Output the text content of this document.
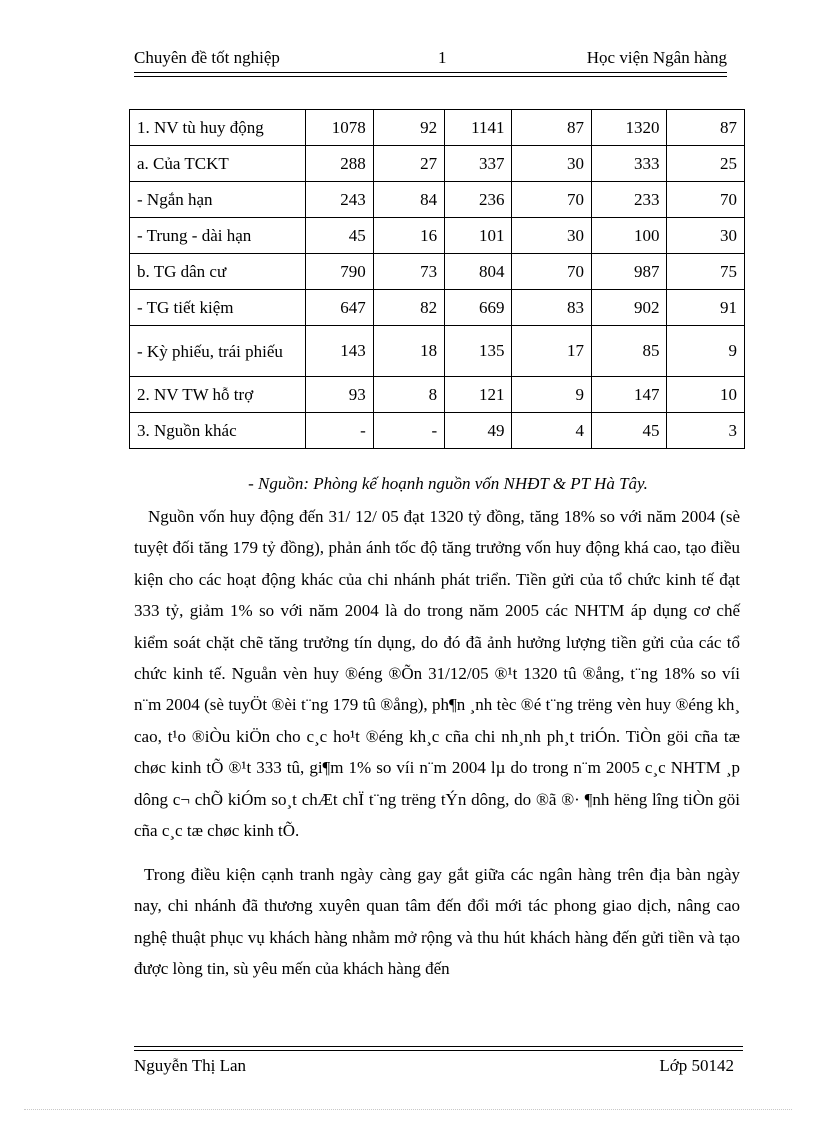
Chuyên đề tốt nghiệp	1	Học viện Ngân hàng
1. NV tù huy động	1078	92	1141	87	1320	87

a. Của TCKT	288	27	337	30	333	25

- Ngắn hạn	243	84	236	70	233	70

- Trung - dài hạn	45	16	101	30	100	30

b. TG dân cư	790	73	804	70	987	75

- TG tiết kiệm	647	82	669	83	902	91

- Kỳ phiếu, trái phiếu	143	18	135	17	85	9

2. NV TW hỗ trợ	93	8	121	9	147	10

3. Nguồn khác	-	-	49	4	45	3
- Nguồn: Phòng kế hoạnh nguồn vốn NHĐT & PT Hà Tây.

Nguồn vốn huy động đến 31/ 12/ 05 đạt 1320 tỷ đồng, tăng 18% so với năm 2004 (sè tuyệt đối tăng 179 tỷ đồng), phản ánh tốc độ tăng trưởng vốn huy động khá cao, tạo điều kiện cho các hoạt động khác của chi nhánh phát triển. Tiền gửi của tổ chức kinh tế đạt 333 tỷ, giảm 1% so với năm 2004 là do trong năm 2005 các NHTM áp dụng cơ chế kiểm soát chặt chẽ tăng trưởng tín dụng, do đó đã ảnh hưởng lượng tiền gửi của các tổ chức kinh tế. Nguån vèn huy ®éng ®Õn 31/12/05 ®¹t 1320 tû ®ång, t¨ng 18% so víi n¨m 2004 (sè tuyÖt ®èi t¨ng 179 tû ®ång), ph¶n ¸nh tèc ®é t¨ng trëng vèn huy ®éng kh¸ cao, t¹o ®iÒu kiÖn cho c¸c ho¹t ®éng kh¸c cña chi nh¸nh ph¸t triÓn. TiÒn göi cña tæ chøc kinh tÕ ®¹t 333 tû, gi¶m 1% so víi n¨m 2004 lµ do trong n¨m 2005 c¸c NHTM ¸p dông c¬ chÕ kiÓm so¸t chÆt chÏ t¨ng trëng tÝn dông, do ®ã ®· ¶nh hëng lîng tiÒn göi cña c¸c tæ chøc kinh tÕ.

Trong điều kiện cạnh tranh ngày càng gay gắt giữa các ngân hàng trên địa bàn ngày nay, chi nhánh đã thương xuyên quan tâm đến đổi mới tác phong giao dịch, nâng cao nghệ thuật phục vụ khách hàng nhằm mở rộng và thu hút khách hàng đến gửi tiền và tạo được lòng tin, sù yêu mến của khách hàng đến

Nguyễn Thị Lan	Lớp 50142
